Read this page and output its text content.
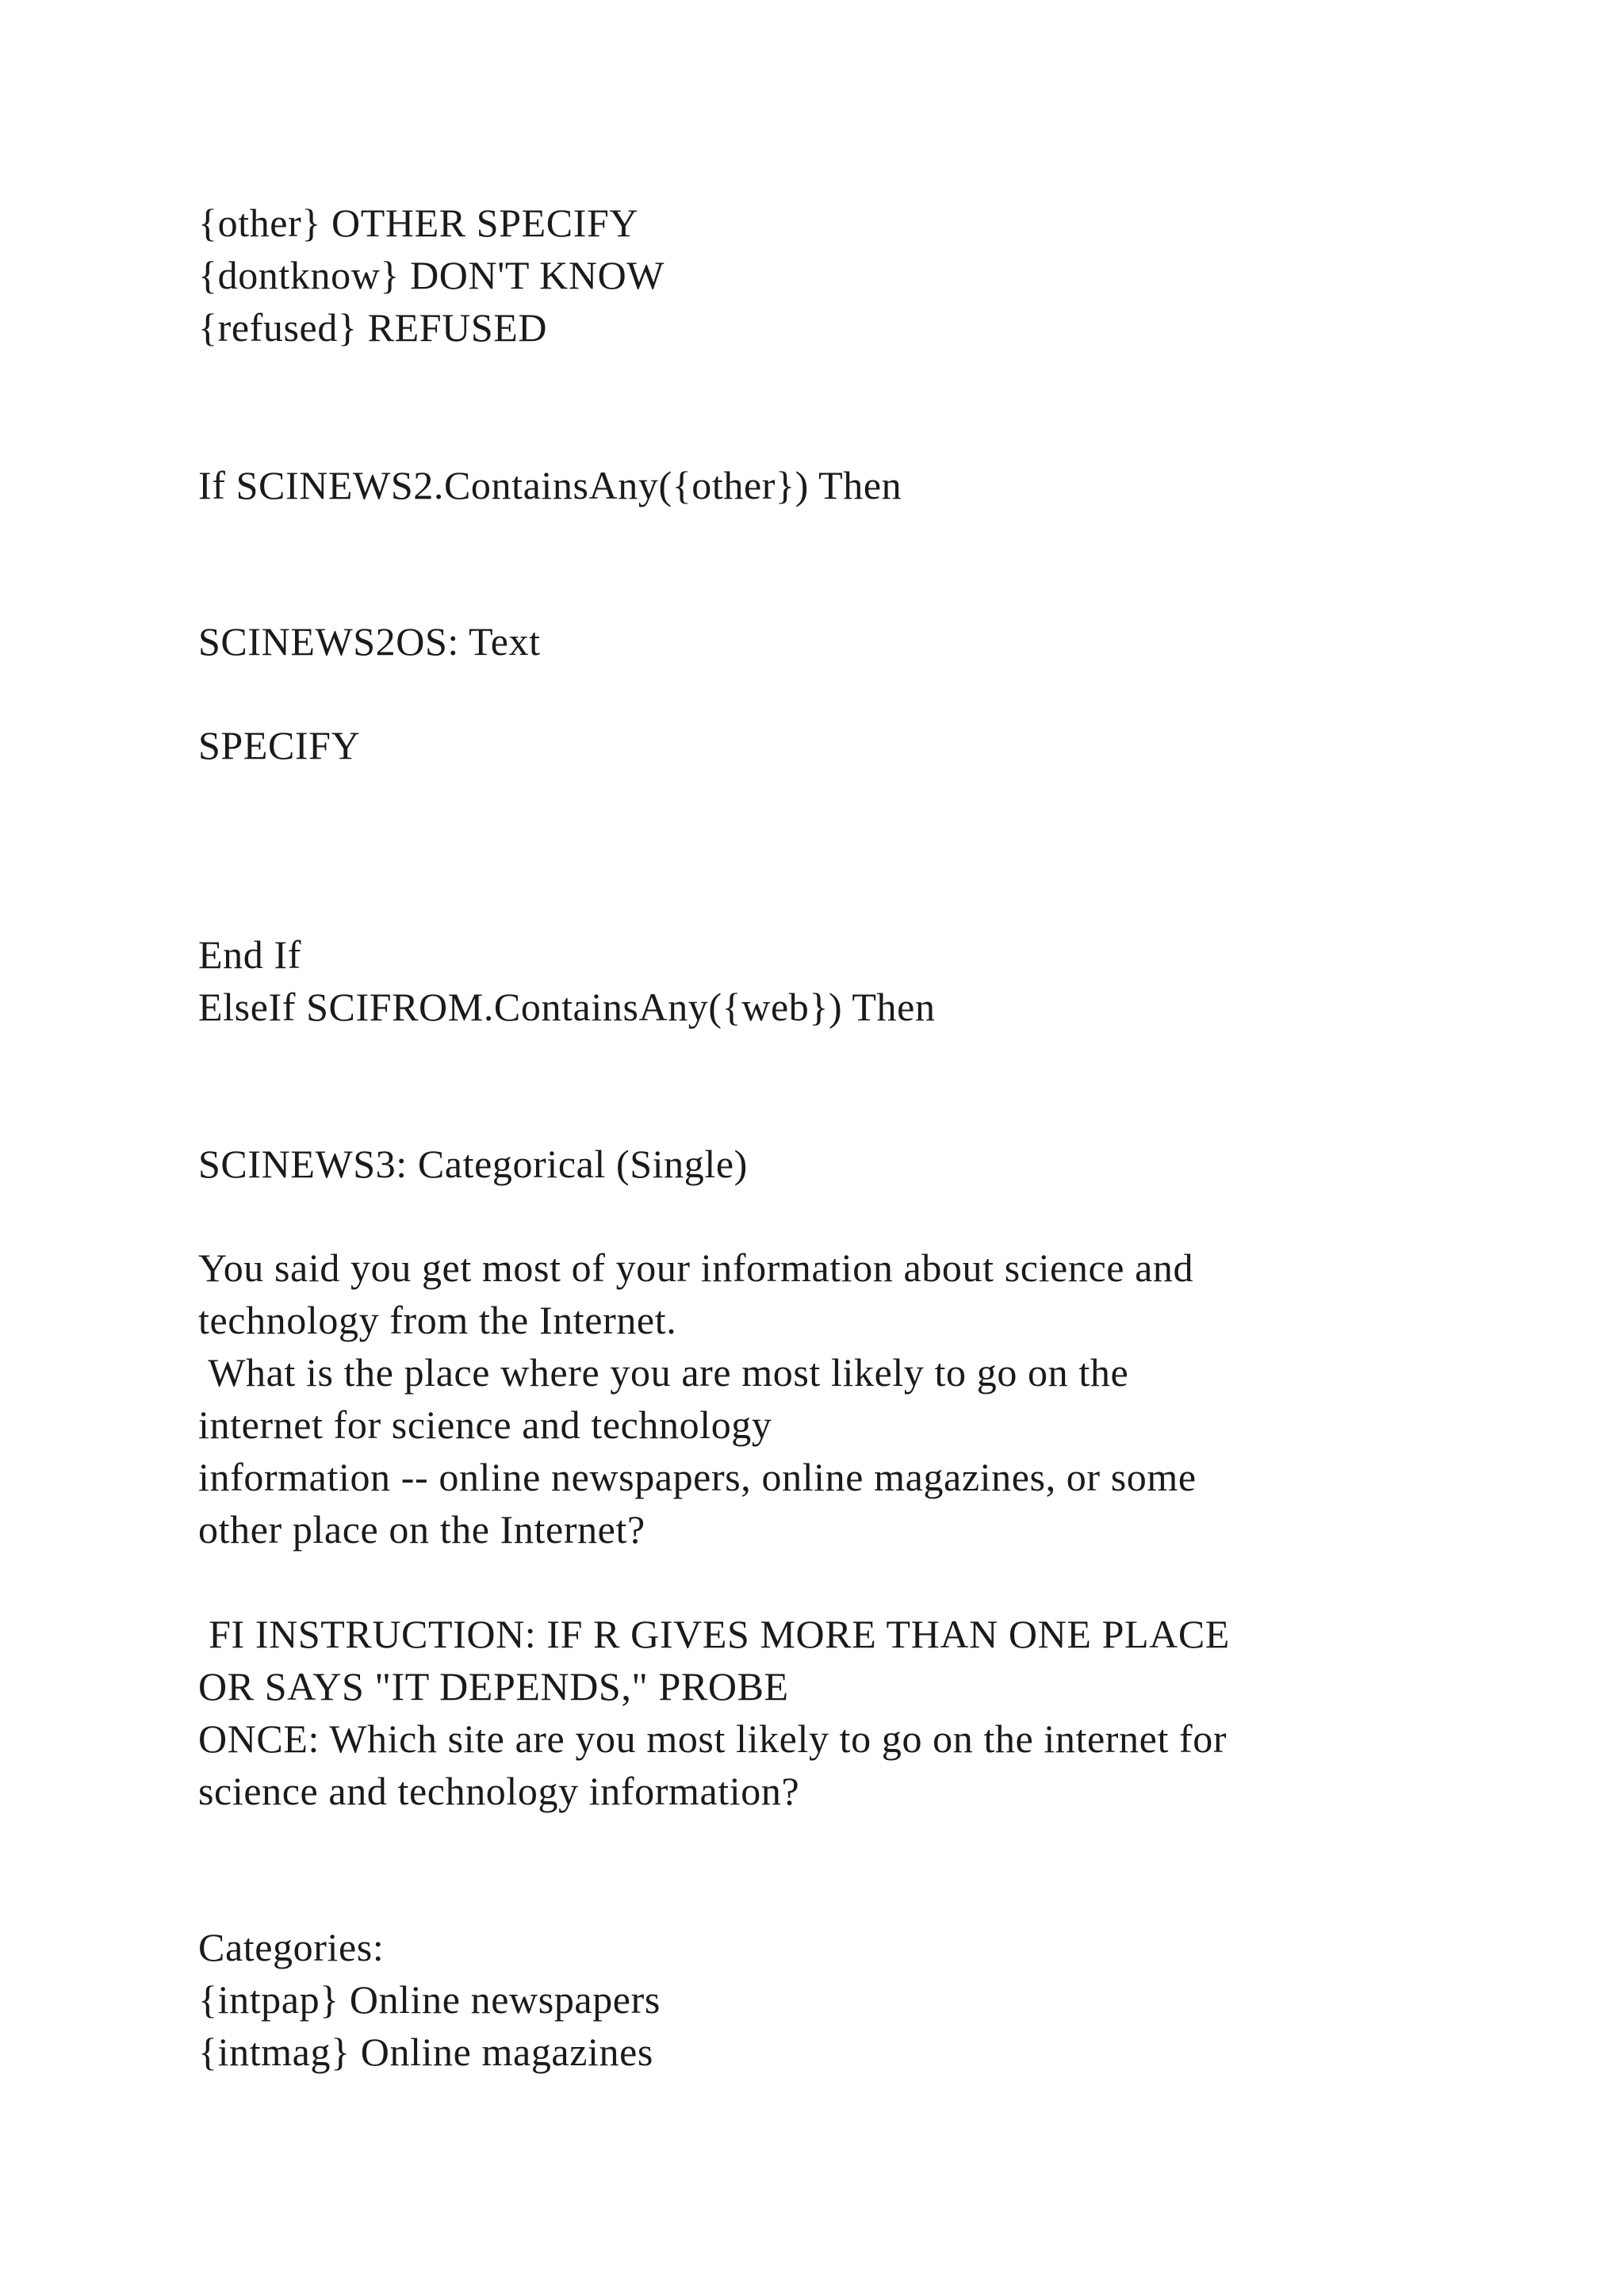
{other} OTHER SPECIFY

{dontknow} DON'T KNOW

{refused} REFUSED

If SCINEWS2.ContainsAny({other}) Then

SCINEWS2OS: Text

SPECIFY

End If

ElseIf SCIFROM.ContainsAny({web}) Then

SCINEWS3: Categorical (Single)

You said you get most of your information about science and

technology from the Internet.

What is the place where you are most likely to go on the

internet for science and technology

information -- online newspapers, online magazines, or some

other place on the Internet?

FI INSTRUCTION: IF R GIVES MORE THAN ONE PLACE

OR SAYS "IT DEPENDS," PROBE

ONCE: Which site are you most likely to go on the internet for

science and technology information?

Categories:

{intpap} Online newspapers

{intmag} Online magazines
